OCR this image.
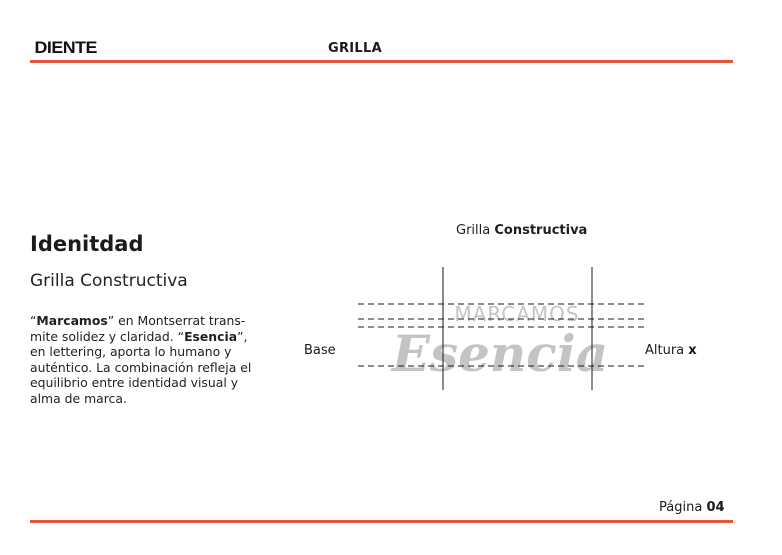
DIENTE	GRILLA
Idenitdad
Grilla Constructiva
“Marcamos” en Montserrat trans-mite solidez y claridad. “Esencia”, en lettering, aporta lo humano y auténtico. La combinación refleja el equilibrio entre identidad visual y alma de marca.
Grilla Constructiva
MARCAMOS
Esencia
Base	Altura x
Página 04
